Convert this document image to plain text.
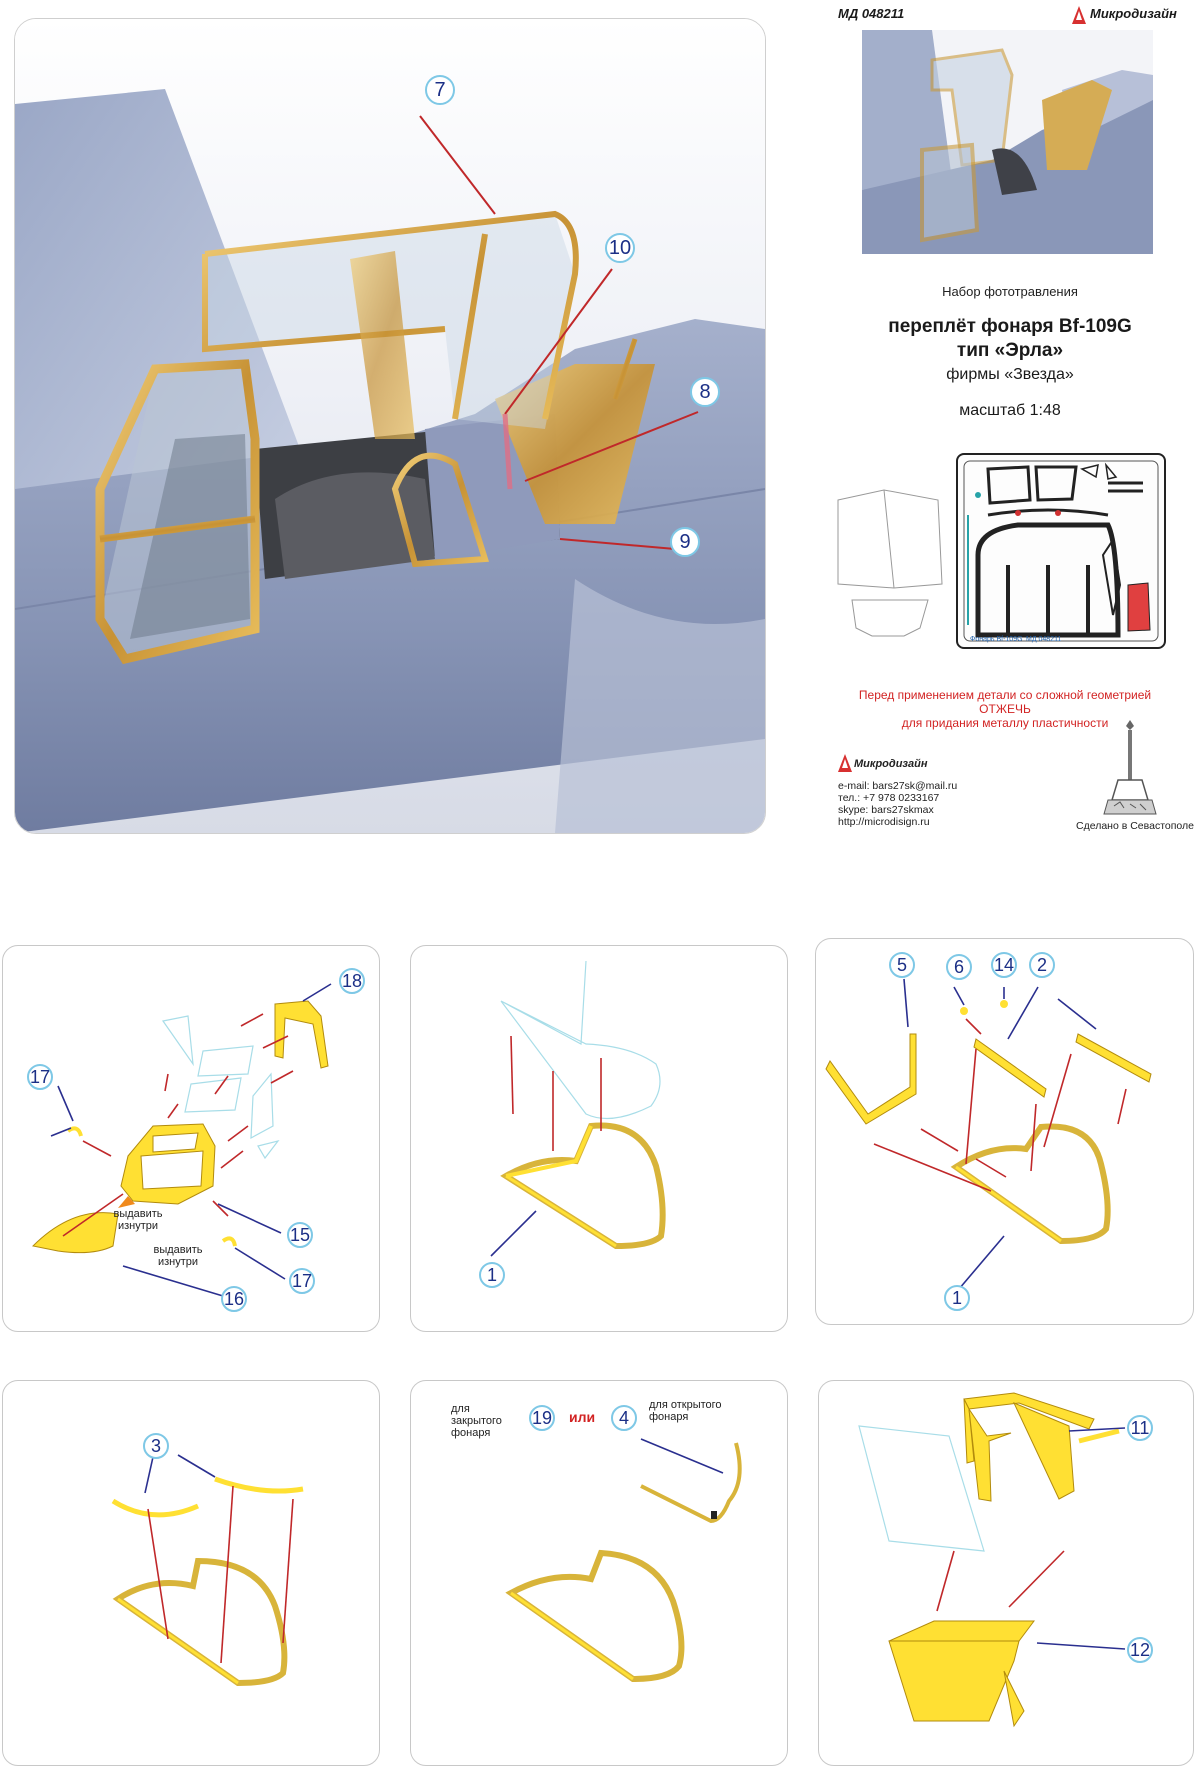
7
10
8
9
МД 048211	Микродизайн
Набор фототравления
переплёт фонаря Bf-109G
тип «Эрла»
фирмы «Звезда»
масштаб 1:48
Фонарь Bf-109G МД 048211
Перед применением детали со сложной геометрией
ОТЖЕЧЬ
для придания металлу пластичности
Микродизайн
e-mail: bars27sk@mail.ru
тел.: +7 978 0233167
skype: bars27skmax
http://microdisign.ru	Сделано в Севастополе
18
17
15
17
16
выдавить изнутри
выдавить изнутри
1
5	6	14	2
1
3
для закрытого фонаря
19 или	4
для открытого фонаря
11
12
